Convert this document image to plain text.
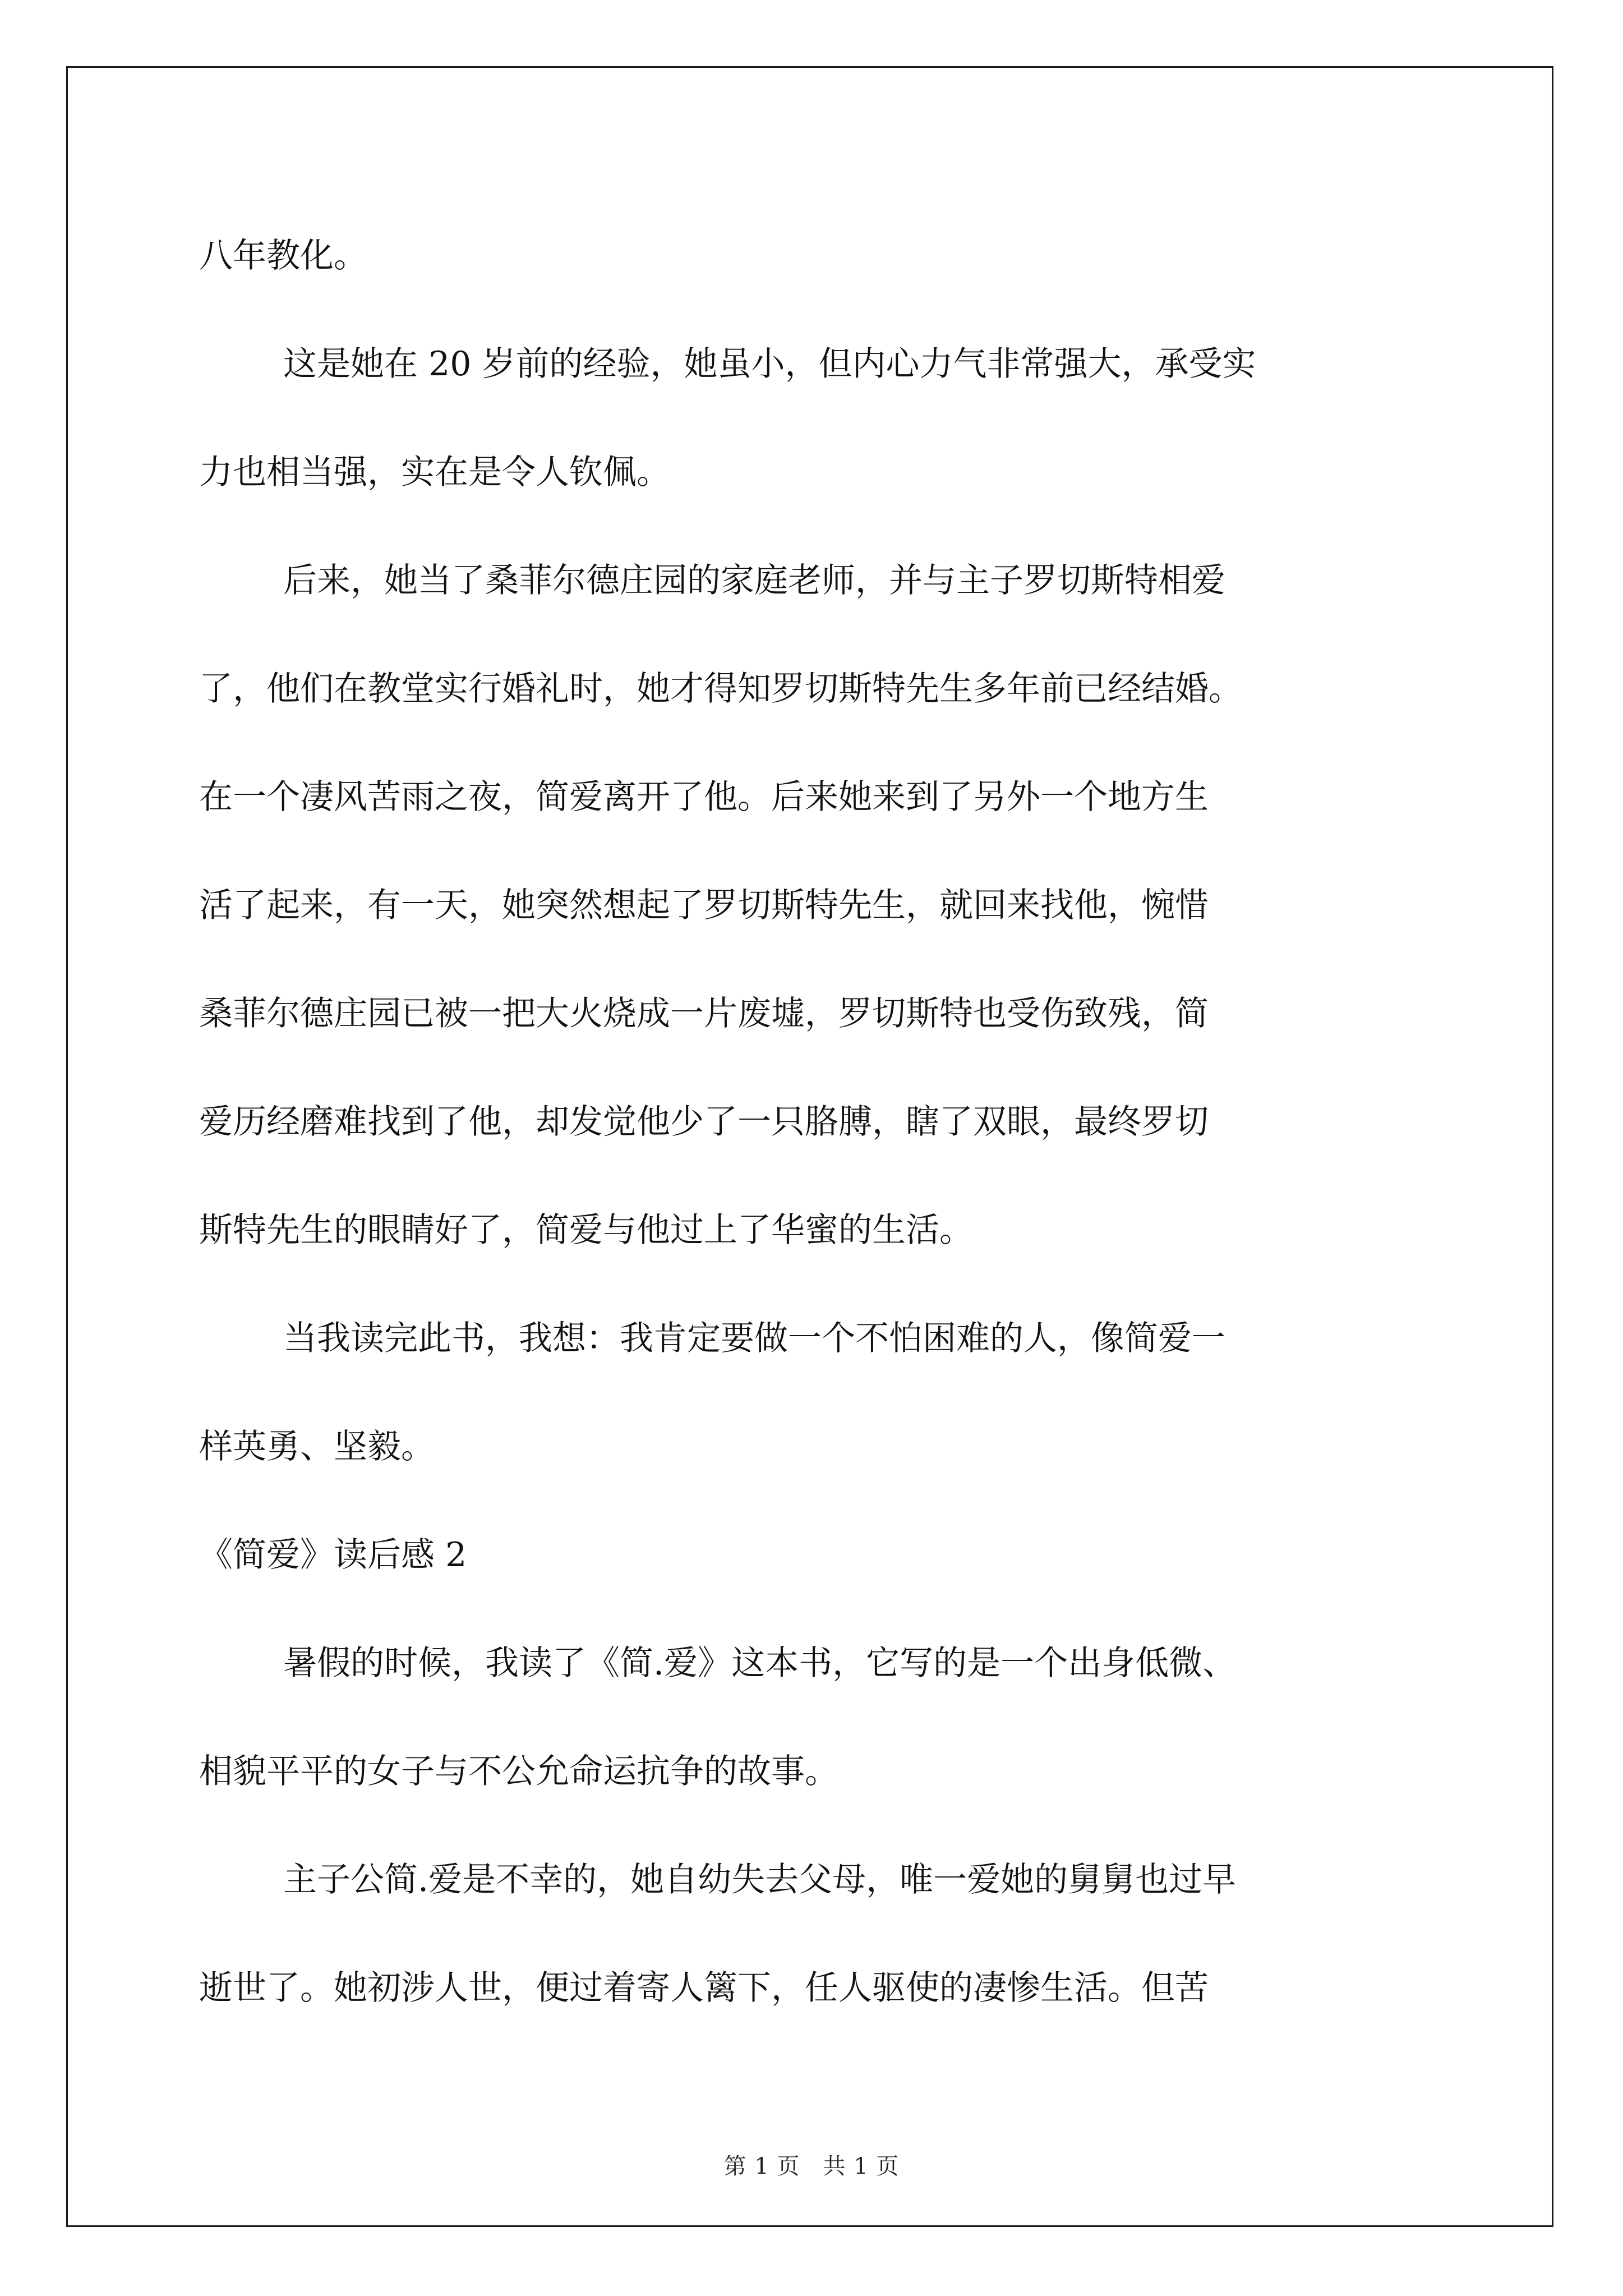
八年教化。
这是她在 20 岁前的经验，她虽小，但内心力气非常强大，承受实
力也相当强，实在是令人钦佩。
后来，她当了桑菲尔德庄园的家庭老师，并与主子罗切斯特相爱
了，他们在教堂实行婚礼时，她才得知罗切斯特先生多年前已经结婚。
在一个凄风苦雨之夜，简爱离开了他。后来她来到了另外一个地方生
活了起来，有一天，她突然想起了罗切斯特先生，就回来找他，惋惜
桑菲尔德庄园已被一把大火烧成一片废墟，罗切斯特也受伤致残，简
爱历经磨难找到了他，却发觉他少了一只胳膊，瞎了双眼，最终罗切
斯特先生的眼睛好了，简爱与他过上了华蜜的生活。
当我读完此书，我想：我肯定要做一个不怕困难的人，像简爱一
样英勇、坚毅。
《简爱》读后感 2
暑假的时候，我读了《简.爱》这本书，它写的是一个出身低微、
相貌平平的女子与不公允命运抗争的故事。
主子公简.爱是不幸的，她自幼失去父母，唯一爱她的舅舅也过早
逝世了。她初涉人世，便过着寄人篱下，任人驱使的凄惨生活。但苦
第 1 页　共 1 页
